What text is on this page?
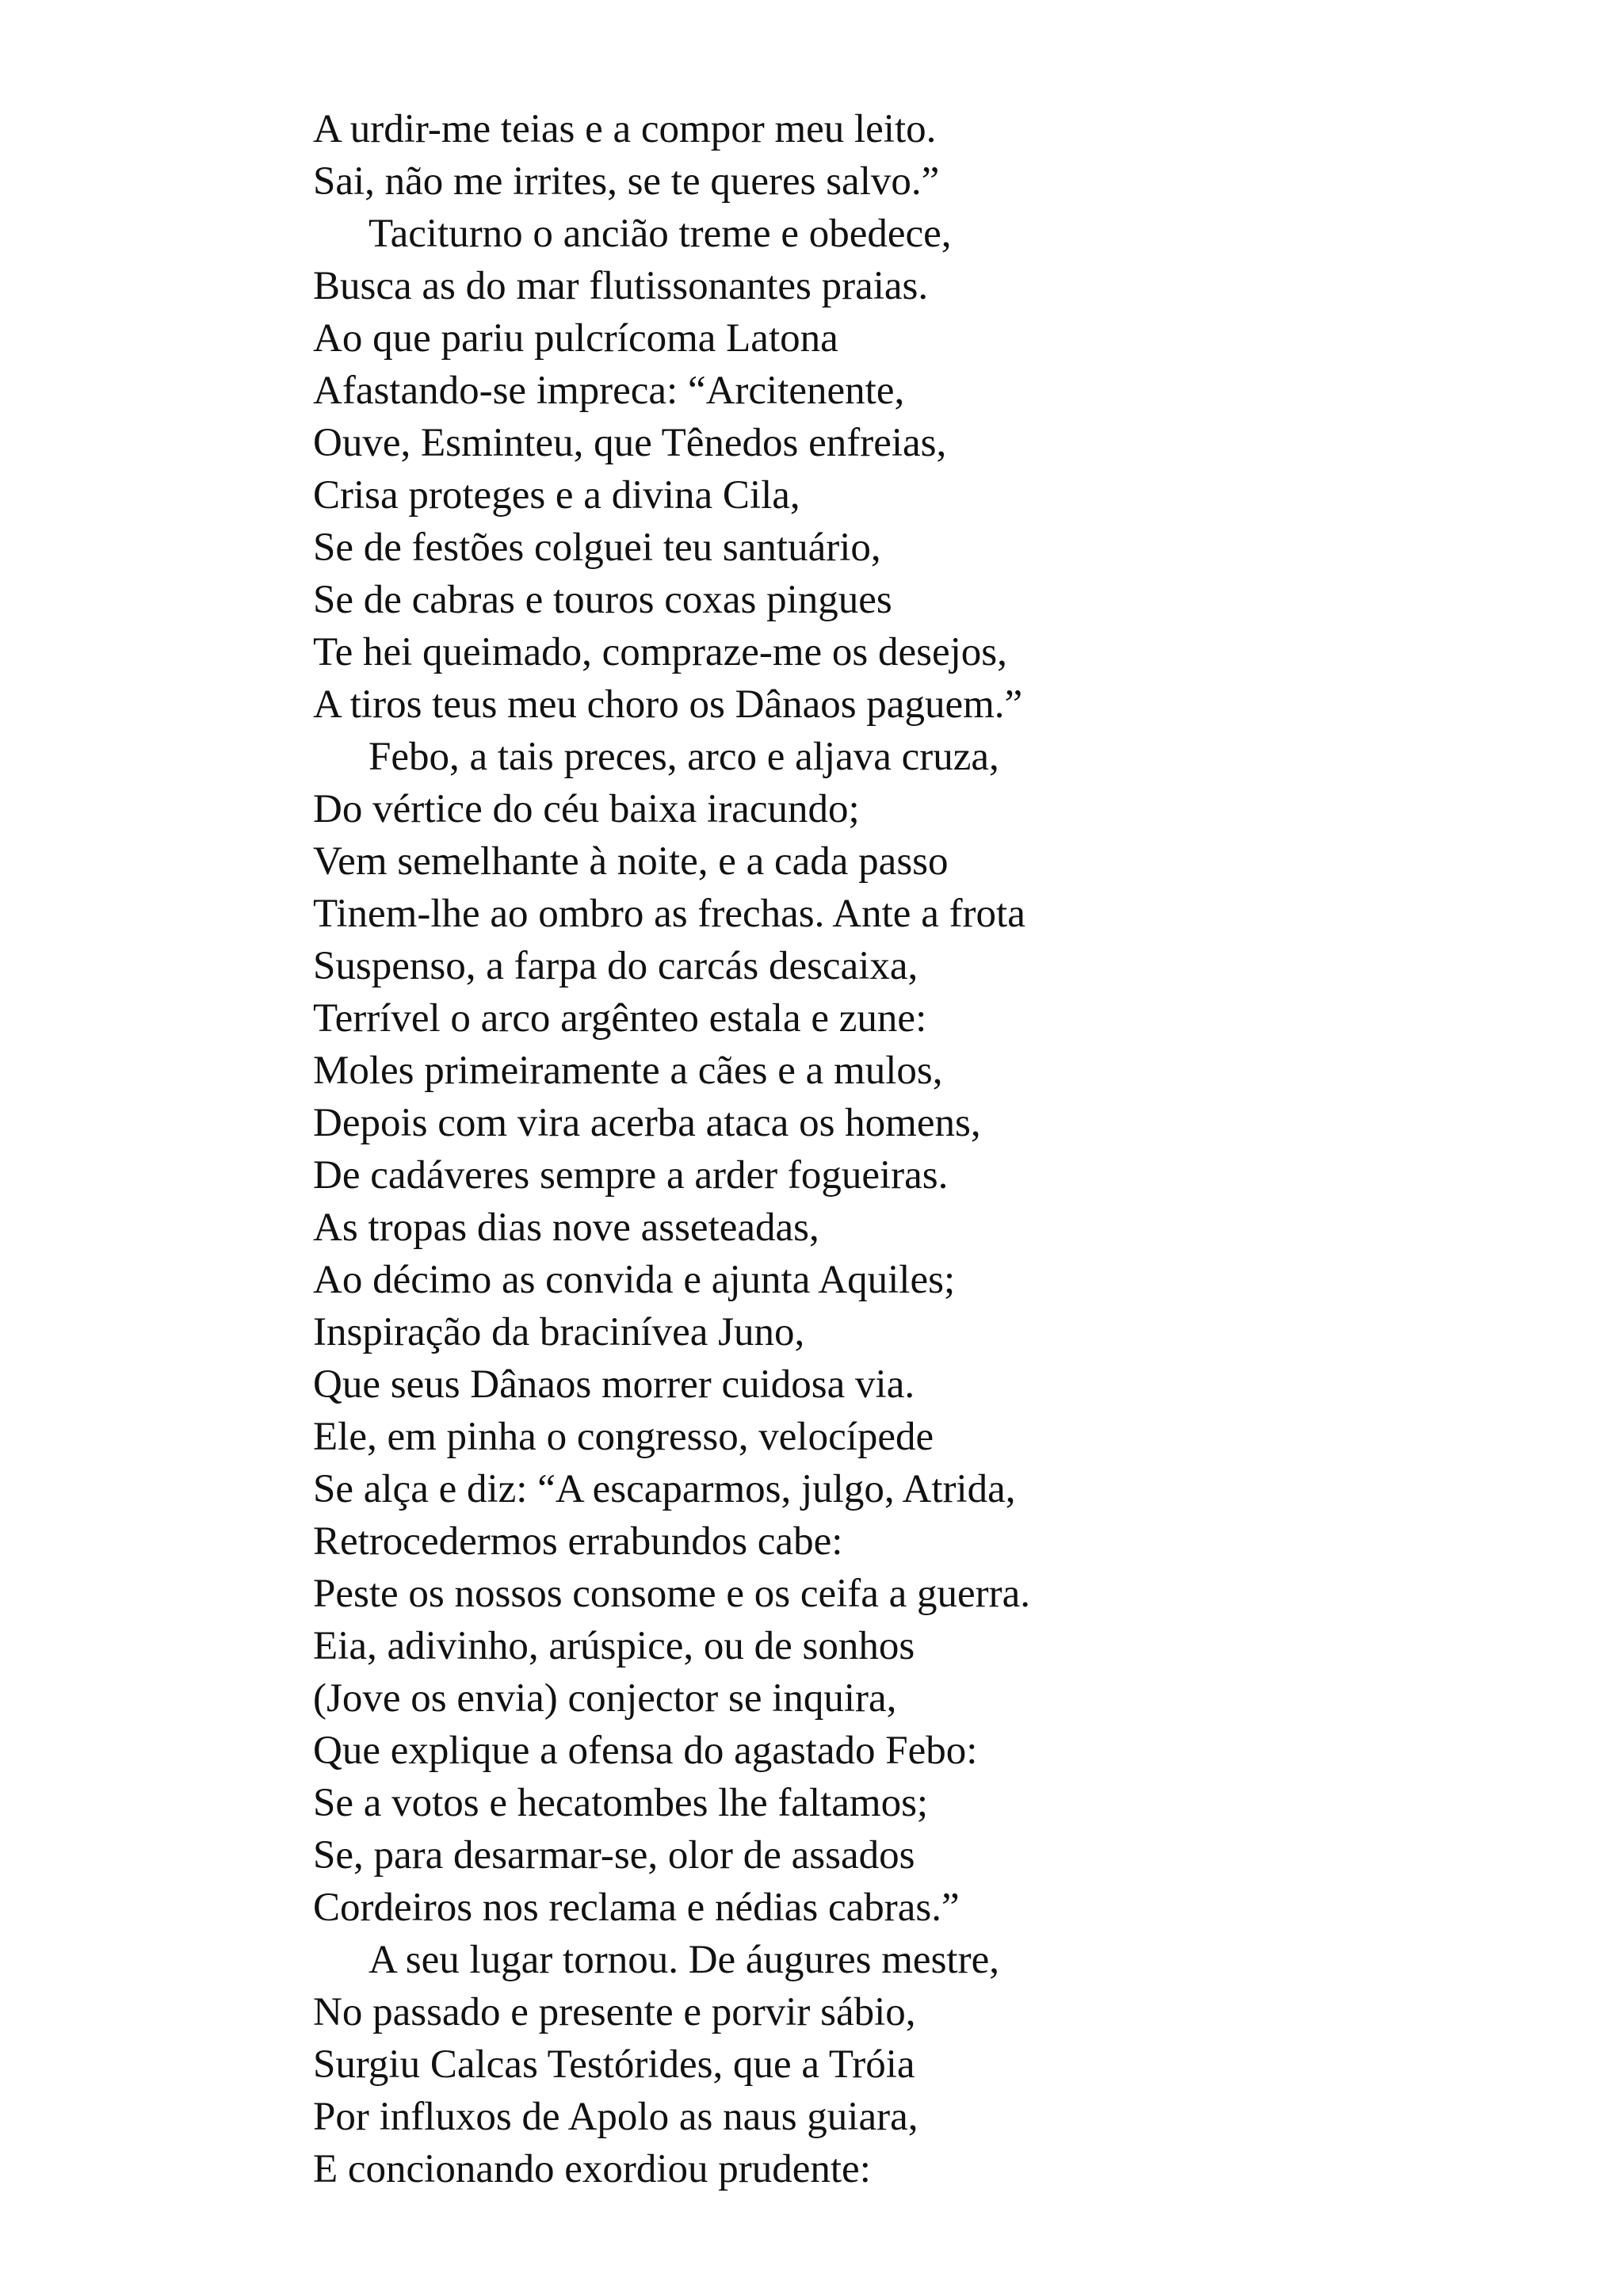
A urdir-me teias e a compor meu leito.
Sai, não me irrites, se te queres salvo.”
Taciturno o ancião treme e obedece,
Busca as do mar flutissonantes praias.
Ao que pariu pulcrícoma Latona
Afastando-se impreca: “Arcitenente,
Ouve, Esminteu, que Tênedos enfreias,
Crisa proteges e a divina Cila,
Se de festões colguei teu santuário,
Se de cabras e touros coxas pingues
Te hei queimado, compraze-me os desejos,
A tiros teus meu choro os Dânaos paguem.”
Febo, a tais preces, arco e aljava cruza,
Do vértice do céu baixa iracundo;
Vem semelhante à noite, e a cada passo
Tinem-lhe ao ombro as frechas. Ante a frota
Suspenso, a farpa do carcás descaixa,
Terrível o arco argênteo estala e zune:
Moles primeiramente a cães e a mulos,
Depois com vira acerba ataca os homens,
De cadáveres sempre a arder fogueiras.
As tropas dias nove asseteadas,
Ao décimo as convida e ajunta Aquiles;
Inspiração da bracinívea Juno,
Que seus Dânaos morrer cuidosa via.
Ele, em pinha o congresso, velocípede
Se alça e diz: “A escaparmos, julgo, Atrida,
Retrocedermos errabundos cabe:
Peste os nossos consome e os ceifa a guerra.
Eia, adivinho, arúspice, ou de sonhos
(Jove os envia) conjector se inquira,
Que explique a ofensa do agastado Febo:
Se a votos e hecatombes lhe faltamos;
Se, para desarmar-se, olor de assados
Cordeiros nos reclama e nédias cabras.”
A seu lugar tornou. De áugures mestre,
No passado e presente e porvir sábio,
Surgiu Calcas Testórides, que a Tróia
Por influxos de Apolo as naus guiara,
E concionando exordiou prudente:
